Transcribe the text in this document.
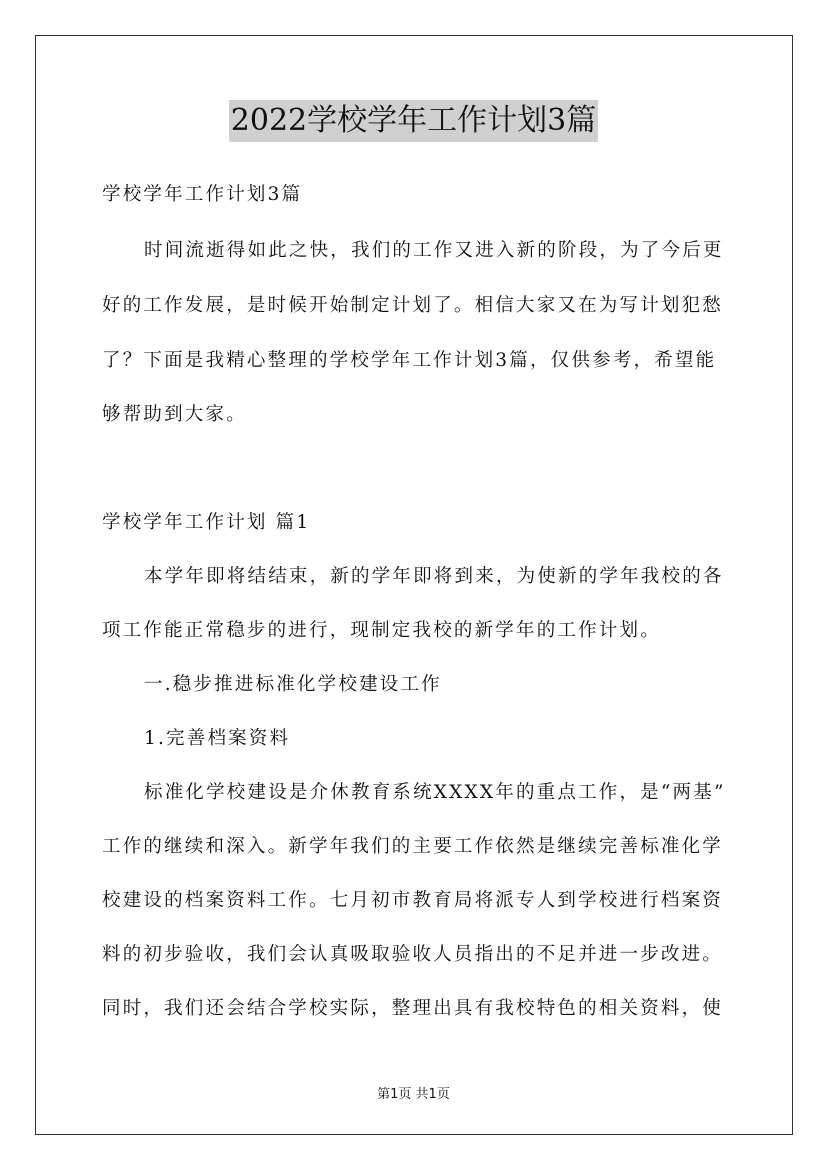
2022学校学年工作计划3篇
学校学年工作计划3篇
时间流逝得如此之快，我们的工作又进入新的阶段，为了今后更
好的工作发展，是时候开始制定计划了。相信大家又在为写计划犯愁
了？下面是我精心整理的学校学年工作计划3篇，仅供参考，希望能
够帮助到大家。
学校学年工作计划 篇1
本学年即将结结束，新的学年即将到来，为使新的学年我校的各
项工作能正常稳步的进行，现制定我校的新学年的工作计划。
一.稳步推进标准化学校建设工作
1.完善档案资料
标准化学校建设是介休教育系统XXXX年的重点工作，是“两基”
工作的继续和深入。新学年我们的主要工作依然是继续完善标准化学
校建设的档案资料工作。七月初市教育局将派专人到学校进行档案资
料的初步验收，我们会认真吸取验收人员指出的不足并进一步改进。
同时，我们还会结合学校实际，整理出具有我校特色的相关资料，使
第1页 共1页
